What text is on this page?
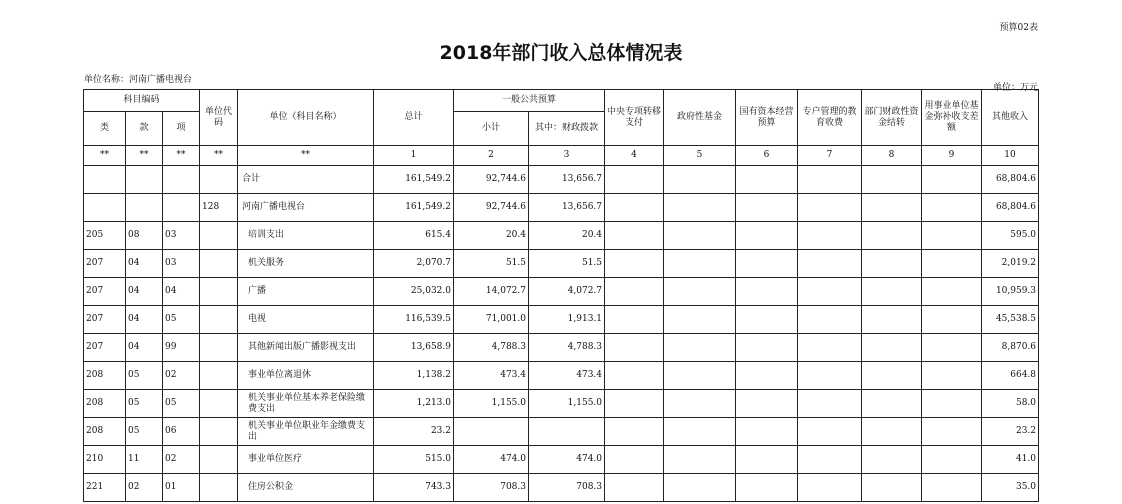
预算02表
2018年部门收入总体情况表
单位名称：河南广播电视台
单位：万元
科目编码			单位代码	单位（科目名称）	总计	一般公共预算		中央专项转移支付	政府性基金	国有资本经营预算	专户管理的教育收费	部门财政性资金结转	用事业单位基金弥补收支差额	其他收入
类	款	项				小计	其中：财政拨款							
**	**	**	**	**	1	2	3	4	5	6	7	8	9	10
				合计	161,549.2	92,744.6	13,656.7							68,804.6
			128	河南广播电视台	161,549.2	92,744.6	13,656.7							68,804.6
205	08	03		培训支出	615.4	20.4	20.4							595.0
207	04	03		机关服务	2,070.7	51.5	51.5							2,019.2
207	04	04		广播	25,032.0	14,072.7	4,072.7							10,959.3
207	04	05		电视	116,539.5	71,001.0	1,913.1							45,538.5
207	04	99		其他新闻出版广播影视支出	13,658.9	4,788.3	4,788.3							8,870.6
208	05	02		事业单位离退休	1,138.2	473.4	473.4							664.8
208	05	05		机关事业单位基本养老保险缴费支出	1,213.0	1,155.0	1,155.0							58.0
208	05	06		机关事业单位职业年金缴费支出	23.2									23.2
210	11	02		事业单位医疗	515.0	474.0	474.0							41.0
221	02	01		住房公积金	743.3	708.3	708.3							35.0
